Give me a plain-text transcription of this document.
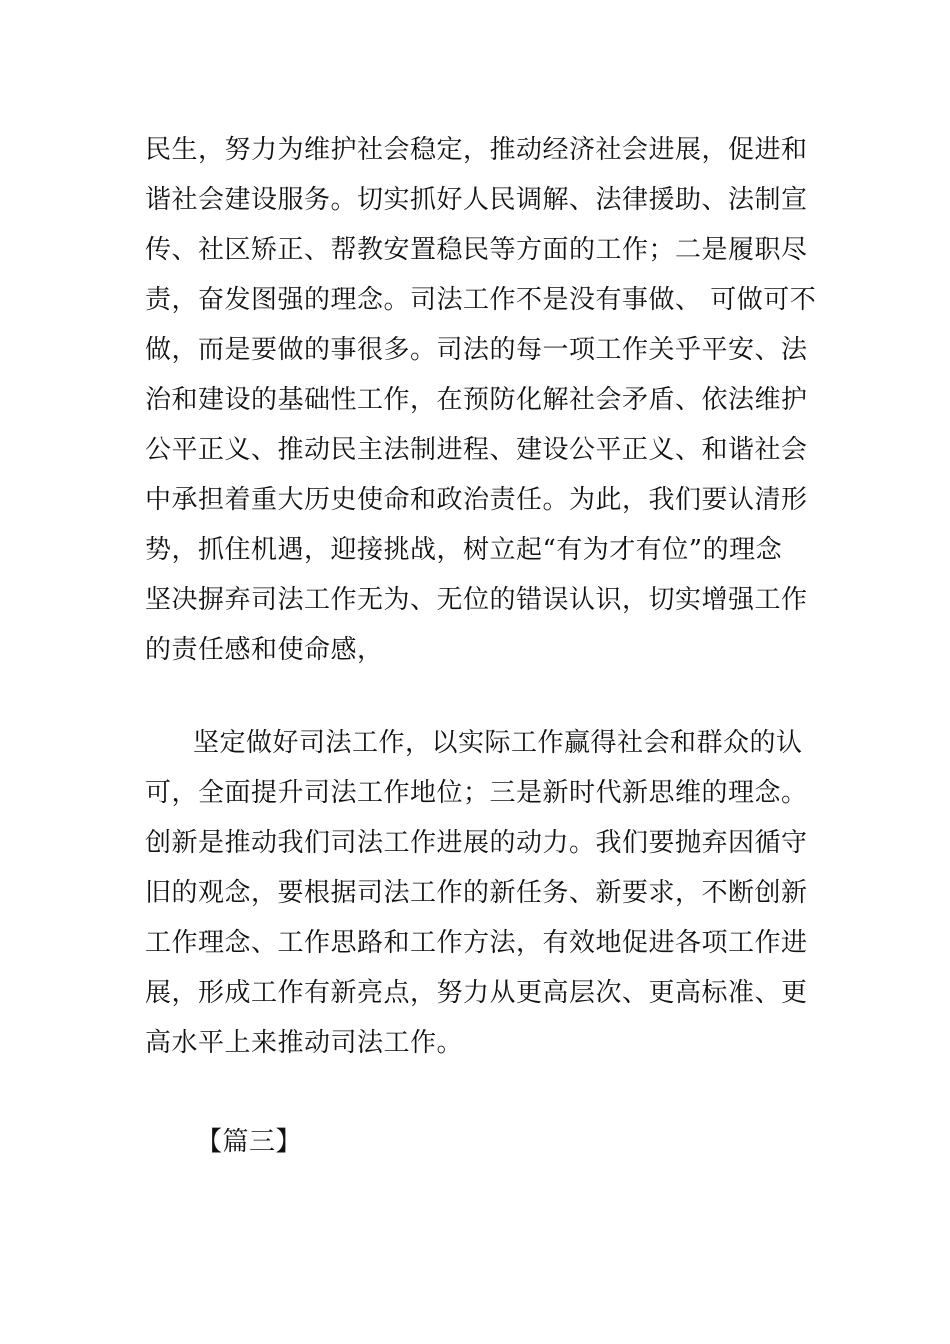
民生，努力为维护社会稳定，推动经济社会进展，促进和
谐社会建设服务。切实抓好人民调解、法律援助、法制宣
传、社区矫正、帮教安置稳民等方面的工作；二是履职尽
责，奋发图强的理念。司法工作不是没有事做、 可做可不
做，而是要做的事很多。司法的每一项工作关乎平安、法
治和建设的基础性工作，在预防化解社会矛盾、依法维护
公平正义、推动民主法制进程、建设公平正义、和谐社会
中承担着重大历史使命和政治责任。为此，我们要认清形
势，抓住机遇，迎接挑战，树立起“有为才有位”的理念
坚决摒弃司法工作无为、无位的错误认识，切实增强工作
的责任感和使命感，
坚定做好司法工作，以实际工作赢得社会和群众的认
可，全面提升司法工作地位；三是新时代新思维的理念。
创新是推动我们司法工作进展的动力。我们要抛弃因循守
旧的观念，要根据司法工作的新任务、新要求，不断创新
工作理念、工作思路和工作方法，有效地促进各项工作进
展，形成工作有新亮点，努力从更高层次、更高标准、更
高水平上来推动司法工作。
【篇三】
